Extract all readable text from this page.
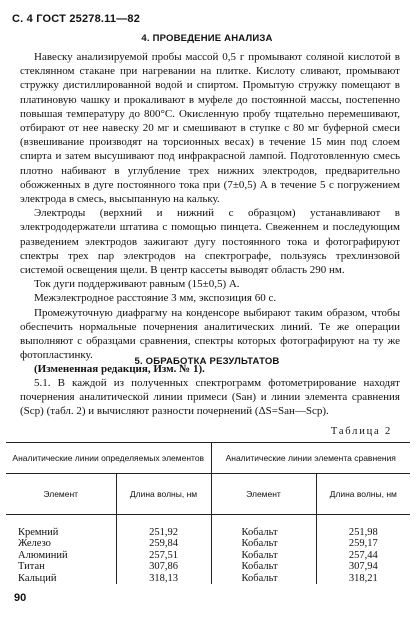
С. 4 ГОСТ 25278.11—82
4. ПРОВЕДЕНИЕ АНАЛИЗА

Навеску анализируемой пробы массой 0,5 г промывают соляной кислотой в стеклянном стакане при нагревании на плитке. Кислоту сливают, промывают стружку дистиллированной водой и спиртом. Промытую стружку помещают в платиновую чашку и прокаливают в муфеле до постоянной массы, постепенно повышая температуру до 800°C. Окисленную пробу тщательно перемешивают, отбирают от нее навеску 20 мг и смешивают в ступке с 80 мг буферной смеси (взвешивание производят на торсионных весах) в течение 15 мин под слоем спирта и затем высушивают под инфракрасной лампой. Подготовленную смесь плотно набивают в углубление трех нижних электродов, предварительно обожженных в дуге постоянного тока при (7±0,5) А в течение 5 с погружением электрода в смесь, высыпанную на кальку.

Электроды (верхний и нижний с образцом) устанавливают в электрододержатели штатива с помощью пинцета. Свеженнем и последующим разведением электродов зажигают дугу постоянного тока и фотографируют спектры трех пар электродов на спектрографе, пользуясь трехлинзовой системой освещения щели. В центр кассеты выводят область 290 нм.

Ток дуги поддерживают равным (15±0,5) А.

Межэлектродное расстояние 3 мм, экспозиция 60 с.

Промежуточную диафрагму на конденсоре выбирают таким образом, чтобы обеспечить нормальные почернения аналитических линий. Те же операции выполняют с образцами сравнения, спектры которых фотографируют на ту же фотопластинку.

(Измененная редакция, Изм. № 1).

5. ОБРАБОТКА РЕЗУЛЬТАТОВ

5.1. В каждой из полученных спектрограмм фотометрирование находят почернения аналитической линии примеси (Sан) и линии элемента сравнения (Sср) (табл. 2) и вычисляют разности почернений (ΔS=Sан—Sср).

Таблица 2
Аналитические линии определяемых элементов		Аналитические линии элемента сравнения	
Элемент	Длина волны, нм	Элемент	Длина волны, нм

Кремний	251,92	Кобальт	251,98
Железо	259,84	Кобальт	259,17
Алюминий	257,51	Кобальт	257,44
Титан	307,86	Кобальт	307,94
Кальций	318,13	Кобальт	318,21
90
